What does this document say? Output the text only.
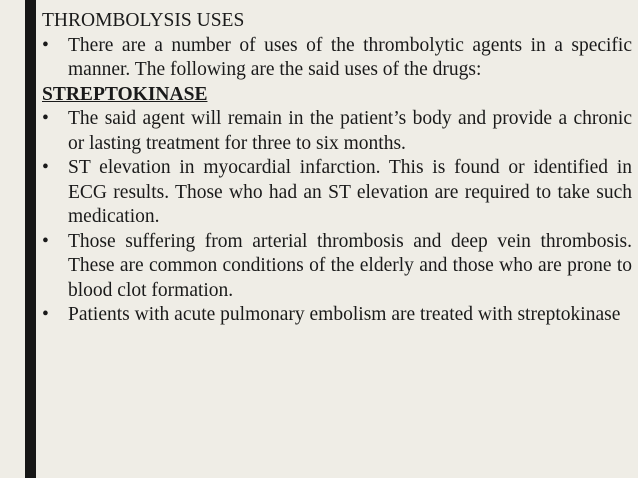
THROMBOLYSIS USES
• There are a number of uses of the thrombolytic agents in a specific manner. The following are the said uses of the drugs:
STREPTOKINASE
• The said agent will remain in the patient’s body and provide a chronic or lasting treatment for three to six months.
• ST elevation in myocardial infarction. This is found or identified in ECG results. Those who had an ST elevation are required to take such medication.
• Those suffering from arterial thrombosis and deep vein thrombosis. These are common conditions of the elderly and those who are prone to blood clot formation.
• Patients with acute pulmonary embolism are treated with streptokinase
